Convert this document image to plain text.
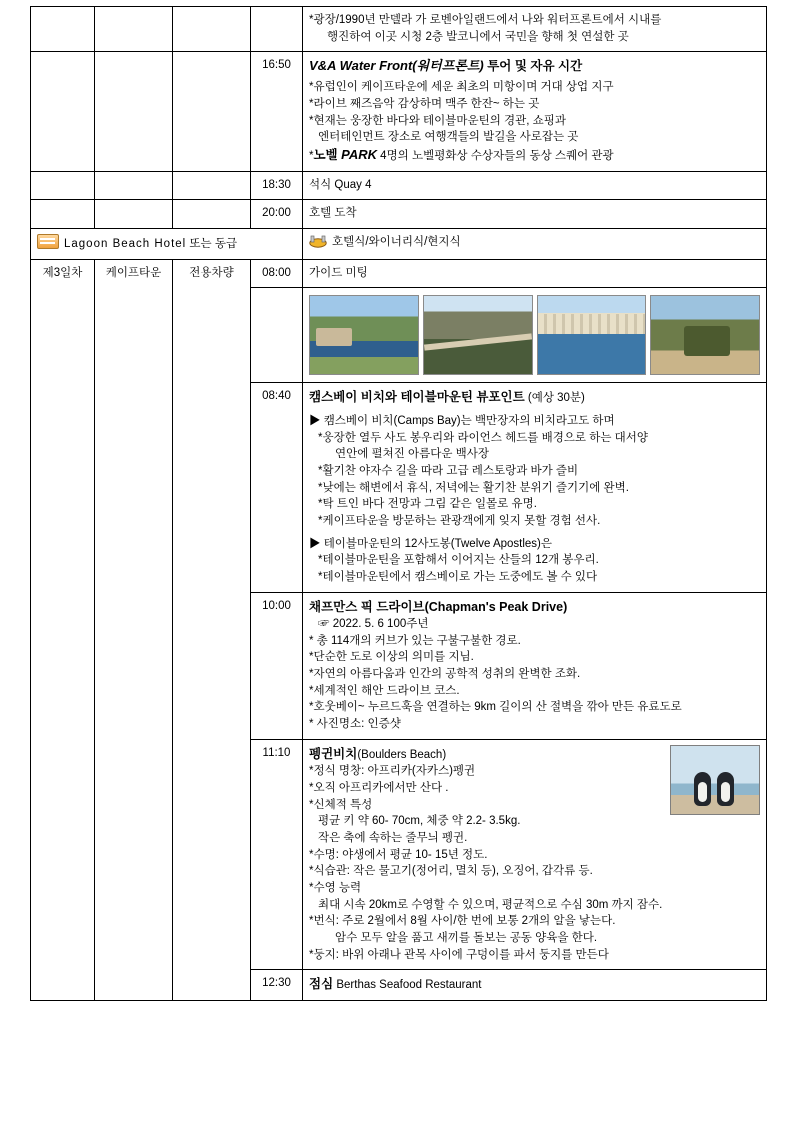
				*광장/1990년 만델라 가 로벤아일랜드에서 나와 워터프론트에서 시내를
행진하여 이곳 시청 2층 발코니에서 국민을 향해 첫 연설한 곳

			16:50	V&A Water Front(워터프론트) 투어 및 자유 시간
*유럽인이 케이프타운에 세운 최초의 미항이며 거대 상업 지구
*라이브 째즈음악 감상하며 맥주 한잔~ 하는 곳
*현재는 웅장한 바다와 테이블마운틴의 경관, 쇼핑과
엔터테인먼트 장소로 여행객들의 발길을 사로잡는 곳
*노벨 PARK 4명의 노벨평화상 수상자들의 동상 스퀘어 관광

			18:30	석식 Quay 4
			20:00	호텔 도착
Lagoon Beach Hotel 또는 동급				호텔식/와이너리식/현지식
제3일차	케이프타운	전용차량	08:00	가이드 미팅

08:40	캠스베이 비치와 테이블마운틴 뷰포인트 (예상 30분)
▶ 캠스베이 비치(Camps Bay)는 백만장자의 비치라고도 하며
*웅장한 열두 사도 봉우리와 라이언스 헤드를 배경으로 하는 대서양
연안에 펼쳐진 아름다운 백사장
*활기찬 야자수 길을 따라 고급 레스토랑과 바가 즐비
*낮에는 해변에서 휴식, 저녁에는 활기찬 분위기 즐기기에 완벽.
*탁 트인 바다 전망과 그림 같은 일몰로 유명.
*케이프타운을 방문하는 관광객에게 잊지 못할 경험 선사.
▶ 테이블마운틴의 12사도봉(Twelve Apostles)은
*테이블마운틴을 포함해서 이어지는 산들의 12개 봉우리.
*테이블마운틴에서 캠스베이로 가는 도중에도 볼 수 있다

10:00	채프만스 픽 드라이브(Chapman's Peak Drive)
☞ 2022. 5. 6 100주년
* 총 114개의 커브가 있는 구불구불한 경로.
*단순한 도로 이상의 의미를 지님.
*자연의 아름다움과 인간의 공학적 성취의 완벽한 조화.
*세계적인 해안 드라이브 코스.
*호웃베이~ 누르드훅을 연결하는 9km 길이의 산 절벽을 깎아 만든 유료도로
* 사진명소: 인증샷

11:10	펭귄비치(Boulders Beach)
*정식 명창: 아프리카(자카스)펭귄
*오직 아프리카에서만 산다 .
*신체적 특성
평균 키 약 60- 70cm, 체중 약 2.2- 3.5kg.
작은 축에 속하는 줄무늬 펭귄.
*수명: 야생에서 평균 10- 15년 정도.
*식습관: 작은 물고기(정어리, 멸치 등), 오징어, 갑각류 등.
*수영 능력
최대 시속 20km로 수영할 수 있으며, 평균적으로 수심 30m 까지 잠수.
*번식: 주로 2월에서 8월 사이/한 번에 보통 2개의 알을 낳는다.
암수 모두 알을 품고 새끼를 돌보는 공동 양육을 한다.
*둥지: 바위 아래나 관목 사이에 구덩이를 파서 둥지를 만든다

			12:30	점심 Berthas Seafood Restaurant
